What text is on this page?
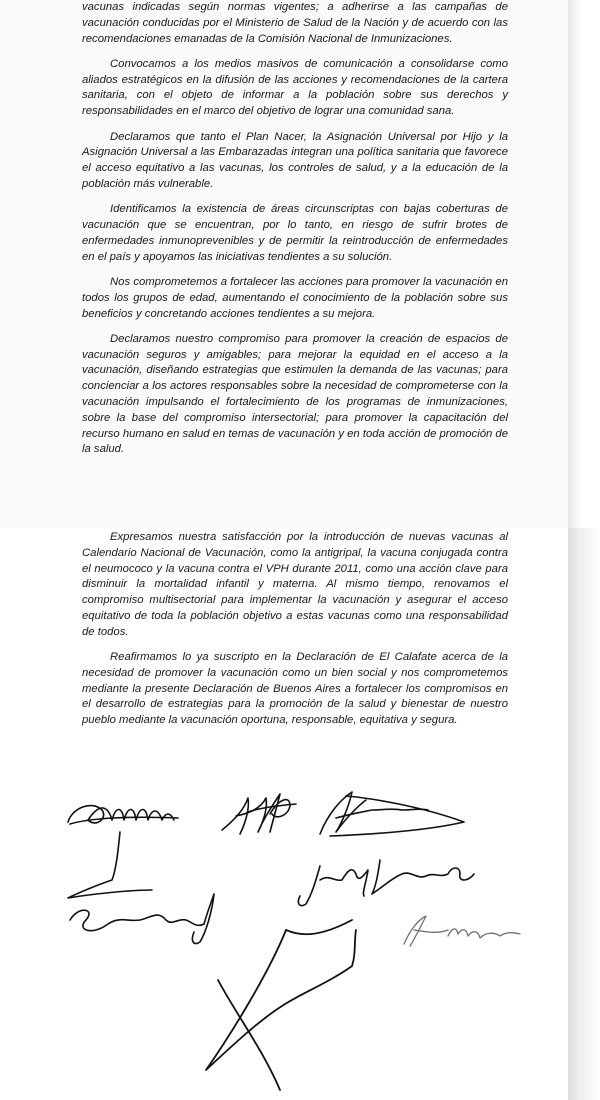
vacunas indicadas según normas vigentes; a adherirse a las campañas de vacunación conducidas por el Ministerio de Salud de la Nación y de acuerdo con las recomendaciones emanadas de la Comisión Nacional de Inmunizaciones.

Convocamos a los medios masivos de comunicación a consolidarse como aliados estratégicos en la difusión de las acciones y recomendaciones de la cartera sanitaria, con el objeto de informar a la población sobre sus derechos y responsabilidades en el marco del objetivo de lograr una comunidad sana.

Declaramos que tanto el Plan Nacer, la Asignación Universal por Hijo y la Asignación Universal a las Embarazadas integran una política sanitaria que favorece el acceso equitativo a las vacunas, los controles de salud, y a la educación de la población más vulnerable.

Identificamos la existencia de áreas circunscriptas con bajas coberturas de vacunación que se encuentran, por lo tanto, en riesgo de sufrir brotes de enfermedades inmunoprevenibles y de permitir la reintroducción de enfermedades en el país y apoyamos las iniciativas tendientes a su solución.

Nos comprometemos a fortalecer las acciones para promover la vacunación en todos los grupos de edad, aumentando el conocimiento de la población sobre sus beneficios y concretando acciones tendientes a su mejora.

Declaramos nuestro compromiso para promover la creación de espacios de vacunación seguros y amigables; para mejorar la equidad en el acceso a la vacunación, diseñando estrategias que estimulen la demanda de las vacunas; para concienciar a los actores responsables sobre la necesidad de comprometerse con la vacunación impulsando el fortalecimiento de los programas de inmunizaciones, sobre la base del compromiso intersectorial; para promover la capacitación del recurso humano en salud en temas de vacunación y en toda acción de promoción de la salud.

Expresamos nuestra satisfacción por la introducción de nuevas vacunas al Calendario Nacional de Vacunación, como la antigripal, la vacuna conjugada contra el neumococo y la vacuna contra el VPH durante 2011, como una acción clave para disminuir la mortalidad infantil y materna. Al mismo tiempo, renovamos el compromiso multisectorial para implementar la vacunación y asegurar el acceso equitativo de toda la población objetivo a estas vacunas como una responsabilidad de todos.

Reafirmamos lo ya suscripto en la Declaración de El Calafate acerca de la necesidad de promover la vacunación como un bien social y nos comprometemos mediante la presente Declaración de Buenos Aires a fortalecer los compromisos en el desarrollo de estrategias para la promoción de la salud y bienestar de nuestro pueblo mediante la vacunación oportuna, responsable, equitativa y segura.
